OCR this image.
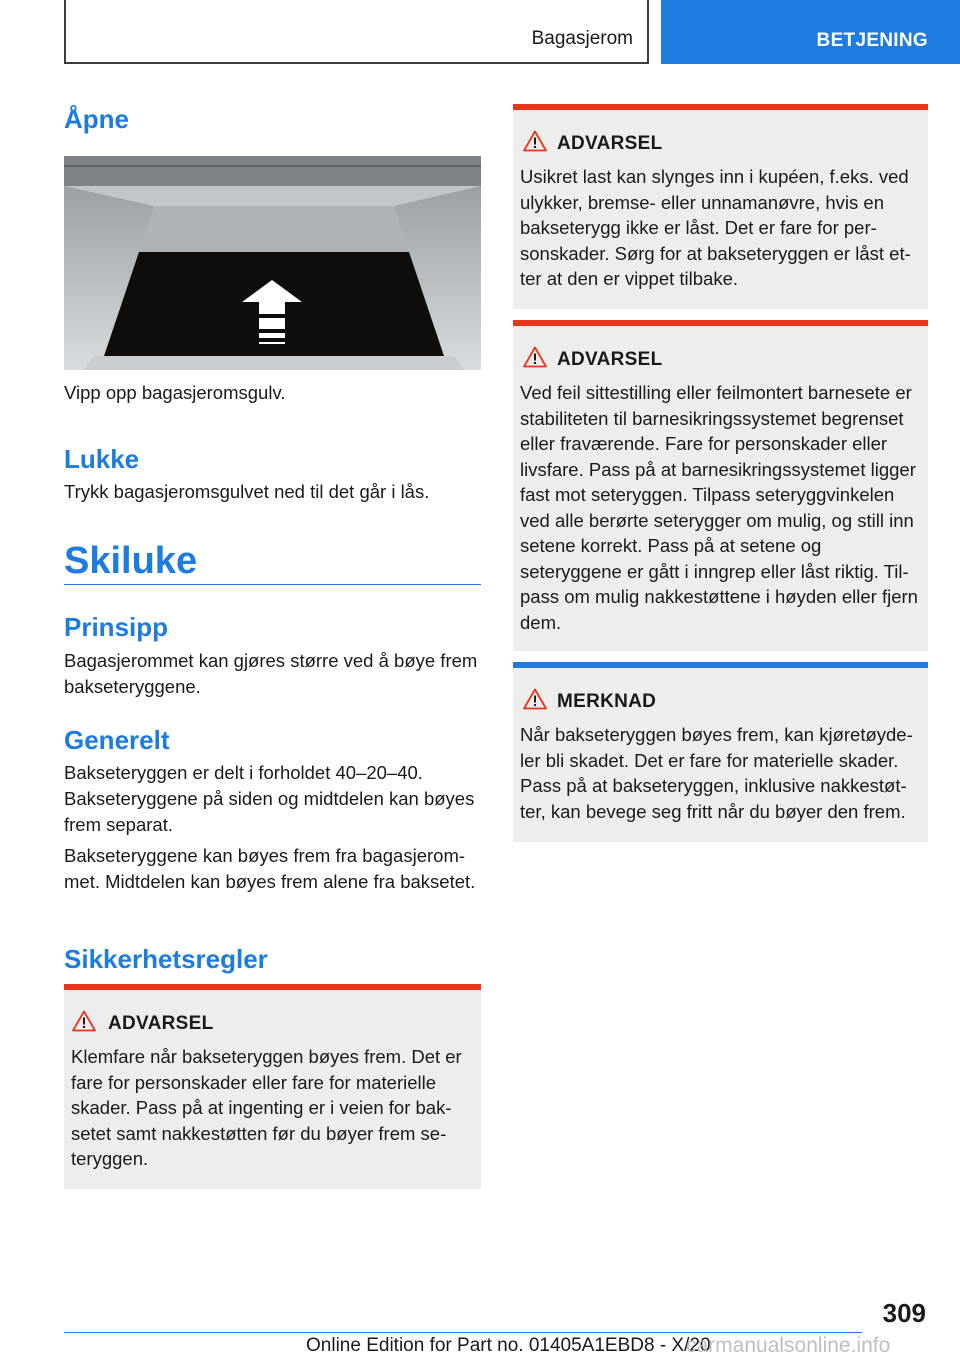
Bagasjerom	BETJENING
Åpne

Vipp opp bagasjeromsgulv.

Lukke

Trykk bagasjeromsgulvet ned til det går i lås.

Skiluke
Prinsipp

Bagasjerommet kan gjøres større ved å bøye frem bakseteryggene.

Generelt

Bakseteryggen er delt i forholdet 40–20–40. Bakseteryggene på siden og midtdelen kan bøyes frem separat.

Bakseteryggene kan bøyes frem fra bagasjerommet. Midtdelen kan bøyes frem alene fra baksetet.

Sikkerhetsregler
ADVARSEL

Klemfare når bakseteryggen bøyes frem. Det er fare for personskader eller fare for materielle skader. Pass på at ingenting er i veien for baksetet samt nakkestøtten før du bøyer frem seteryggen.

ADVARSEL

Usikret last kan slynges inn i kupéen, f.eks. ved ulykker, bremse- eller unnamanøvre, hvis en bakseterygg ikke er låst. Det er fare for personskader. Sørg for at bakseteryggen er låst etter at den er vippet tilbake.

ADVARSEL

Ved feil sittestilling eller feilmontert barnesete er stabiliteten til barnesikringssystemet begrenset eller fraværende. Fare for personskader eller livsfare. Pass på at barnesikringssystemet ligger fast mot seteryggen. Tilpass seteryggvinkelen ved alle berørte seterygger om mulig, og still inn setene korrekt. Pass på at setene og seteryggene er gått i inngrep eller låst riktig. Tilpass om mulig nakkestøttene i høyden eller fjern dem.

MERKNAD

Når bakseteryggen bøyes frem, kan kjøretøydeler bli skadet. Det er fare for materielle skader. Pass på at bakseteryggen, inklusive nakkestøtter, kan bevege seg fritt når du bøyer den frem.

309
Online Edition for Part no. 01405A1EBD8 - X/20
carmanualsonline.info
